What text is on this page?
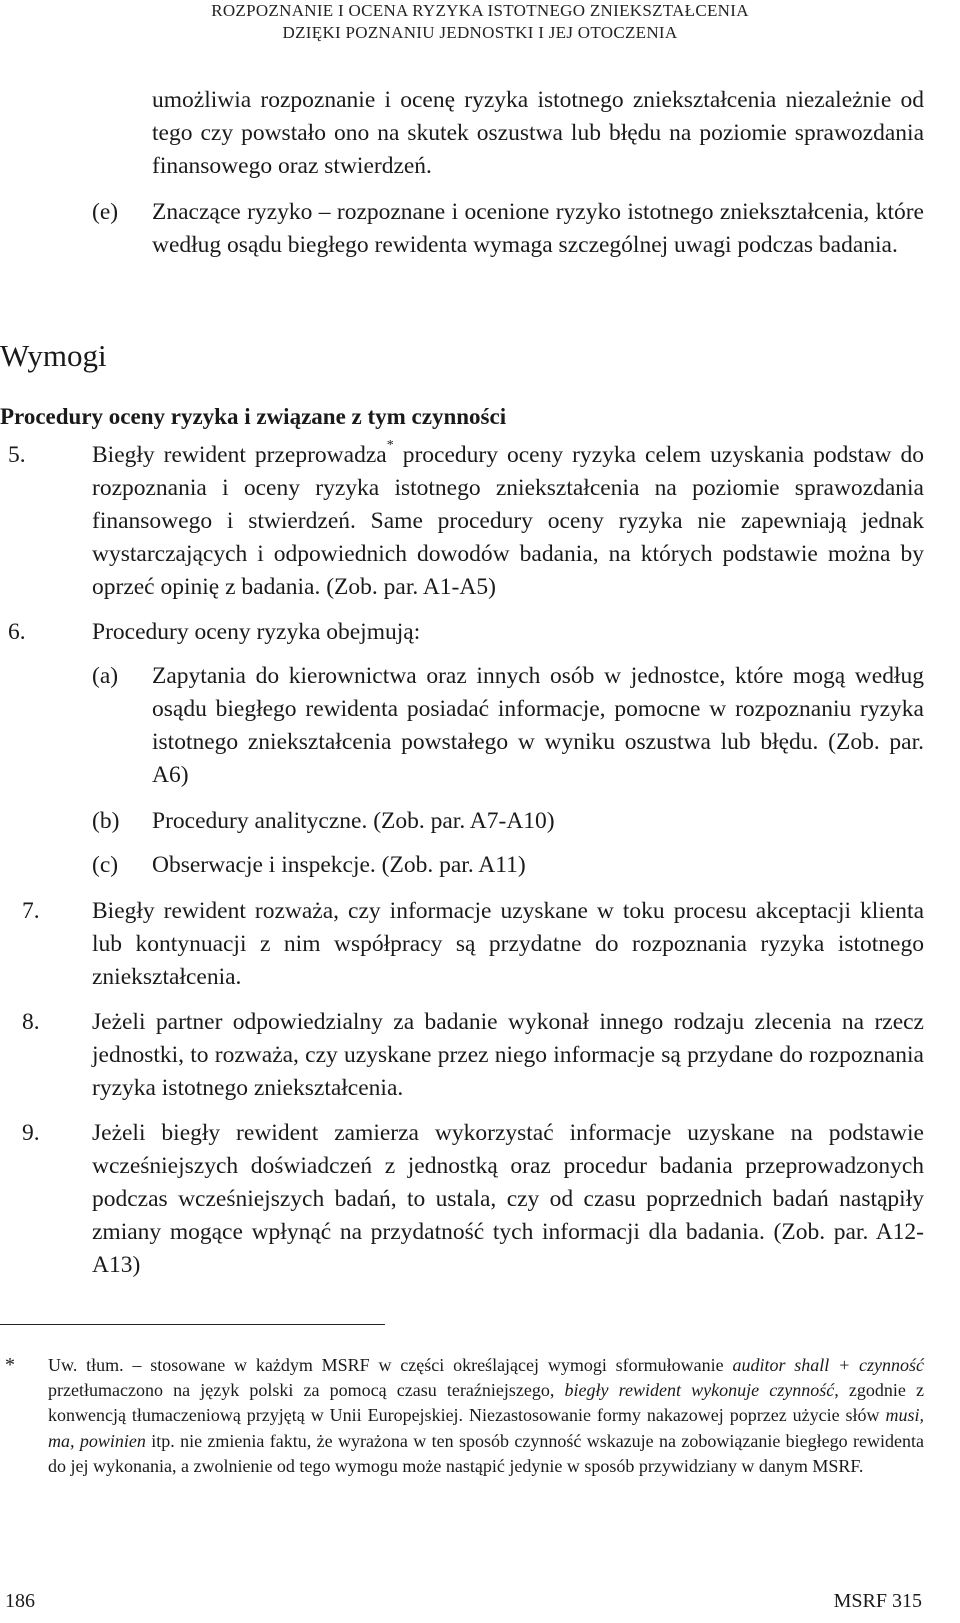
ROZPOZNANIE I OCENA RYZYKA ISTOTNEGO ZNIEKSZTAŁCENIA
DZIĘKI POZNANIU JEDNOSTKI I JEJ OTOCZENIA

umożliwia rozpoznanie i ocenę ryzyka istotnego zniekształcenia niezależnie od tego czy powstało ono na skutek oszustwa lub błędu na poziomie sprawozdania finansowego oraz stwierdzeń.

(e) Znaczące ryzyko – rozpoznane i ocenione ryzyko istotnego zniekształcenia, które według osądu biegłego rewidenta wymaga szczególnej uwagi podczas badania.

Wymogi
Procedury oceny ryzyka i związane z tym czynności
5.	Biegły rewident przeprowadza* procedury oceny ryzyka celem uzyskania podstaw do rozpoznania i oceny ryzyka istotnego zniekształcenia na poziomie sprawozdania finansowego i stwierdzeń. Same procedury oceny ryzyka nie zapewniają jednak wystarczających i odpowiednich dowodów badania, na których podstawie można by oprzeć opinię z badania. (Zob. par. A1-A5)

6.	Procedury oceny ryzyka obejmują:

(a) Zapytania do kierownictwa oraz innych osób w jednostce, które mogą według osądu biegłego rewidenta posiadać informacje, pomocne w rozpoznaniu ryzyka istotnego zniekształcenia powstałego w wyniku oszustwa lub błędu. (Zob. par. A6)

(b) Procedury analityczne. (Zob. par. A7-A10)

(c) Obserwacje i inspekcje. (Zob. par. A11)

7. Biegły rewident rozważa, czy informacje uzyskane w toku procesu akceptacji klienta lub kontynuacji z nim współpracy są przydatne do rozpoznania ryzyka istotnego zniekształcenia.

8. Jeżeli partner odpowiedzialny za badanie wykonał innego rodzaju zlecenia na rzecz jednostki, to rozważa, czy uzyskane przez niego informacje są przydane do rozpoznania ryzyka istotnego zniekształcenia.

9. Jeżeli biegły rewident zamierza wykorzystać informacje uzyskane na podstawie wcześniejszych doświadczeń z jednostką oraz procedur badania przeprowadzonych podczas wcześniejszych badań, to ustala, czy od czasu poprzednich badań nastąpiły zmiany mogące wpłynąć na przydatność tych informacji dla badania. (Zob. par. A12-A13)

* Uw. tłum. – stosowane w każdym MSRF w części określającej wymogi sformułowanie auditor shall + czynność przetłumaczono na język polski za pomocą czasu teraźniejszego, biegły rewident wykonuje czynność, zgodnie z konwencją tłumaczeniową przyjętą w Unii Europejskiej. Niezastosowanie formy nakazowej poprzez użycie słów musi, ma, powinien itp. nie zmienia faktu, że wyrażona w ten sposób czynność wskazuje na zobowiązanie biegłego rewidenta do jej wykonania, a zwolnienie od tego wymogu może nastąpić jedynie w sposób przywidziany w danym MSRF.

186	MSRF 315
